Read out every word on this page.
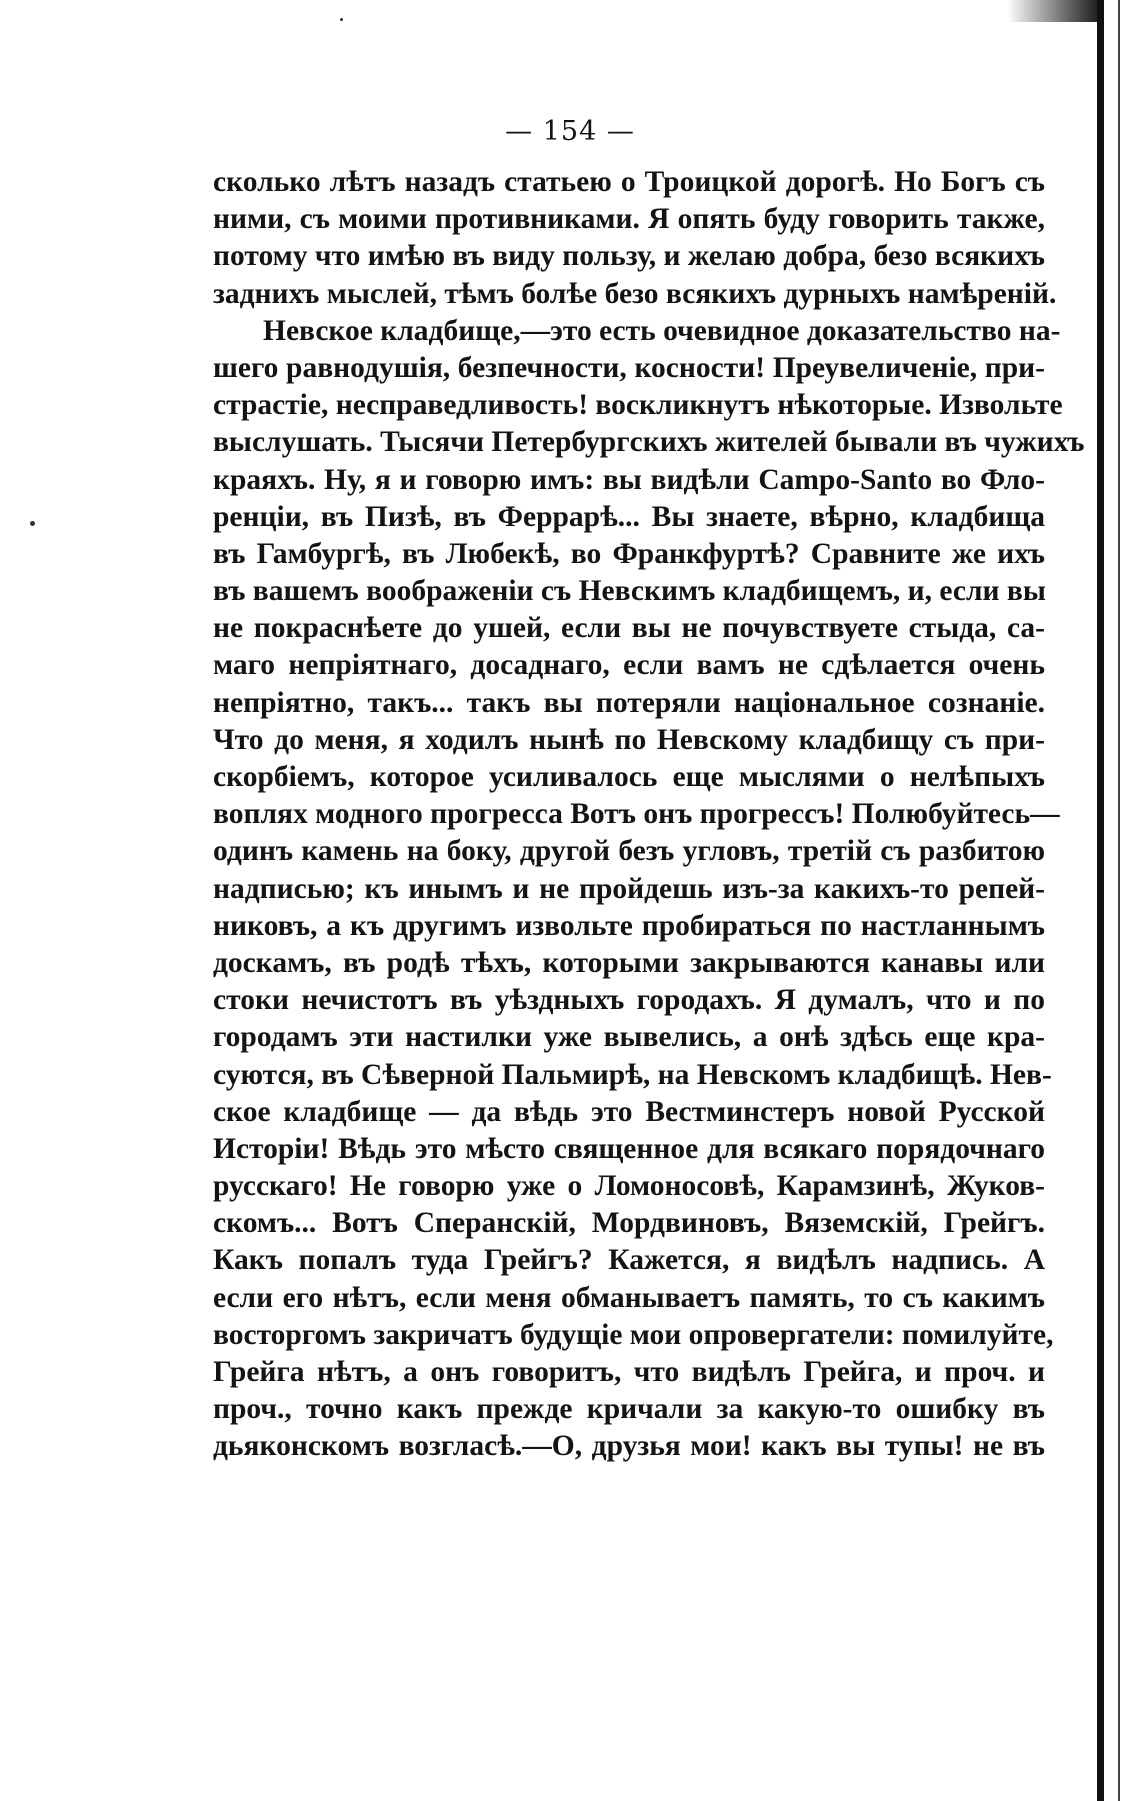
— 154 —
сколько лѣтъ назадъ статьею о Троицкой дорогѣ. Но Богъ съ
ними, съ моими противниками. Я опять буду говорить также,
потому что имѣю въ виду пользу, и желаю добра, безо всякихъ
заднихъ мыслей, тѣмъ болѣе безо всякихъ дурныхъ намѣреній.
Невское кладбище,—это есть очевидное доказательство на-
шего равнодушія, безпечности, косности! Преувеличеніе, при-
страстіе, несправедливость! воскликнутъ нѣкоторые. Извольте
выслушать. Тысячи Петербургскихъ жителей бывали въ чужихъ
краяхъ. Ну, я и говорю имъ: вы видѣли Campo-Santo во Фло-
ренціи, въ Пизѣ, въ Феррарѣ... Вы знаете, вѣрно, кладбища
въ Гамбургѣ, въ Любекѣ, во Франкфуртѣ? Сравните же ихъ
въ вашемъ воображеніи съ Невскимъ кладбищемъ, и, если вы
не покраснѣете до ушей, если вы не почувствуете стыда, са-
маго непріятнаго, досаднаго, если вамъ не сдѣлается очень
непріятно, такъ... такъ вы потеряли національное сознаніе.
Что до меня, я ходилъ нынѣ по Невскому кладбищу съ при-
скорбіемъ, которое усиливалось еще мыслями о нелѣпыхъ
воплях модного прогресса Вотъ онъ прогрессъ! Полюбуйтесь—
одинъ камень на боку, другой безъ угловъ, третій съ разбитою
надписью; къ инымъ и не пройдешь изъ-за какихъ-то репей-
никовъ, а къ другимъ извольте пробираться по настланнымъ
доскамъ, въ родѣ тѣхъ, которыми закрываются канавы или
стоки нечистотъ въ уѣздныхъ городахъ. Я думалъ, что и по
городамъ эти настилки уже вывелись, а онѣ здѣсь еще кра-
суются, въ Сѣверной Пальмирѣ, на Невскомъ кладбищѣ. Нев-
ское кладбище — да вѣдь это Вестминстеръ новой Русской
Исторіи! Вѣдь это мѣсто священное для всякаго порядочнаго
русскаго! Не говорю уже о Ломоносовѣ, Карамзинѣ, Жуков-
скомъ... Вотъ Сперанскій, Мордвиновъ, Вяземскій, Грейгъ.
Какъ попалъ туда Грейгъ? Кажется, я видѣлъ надпись. А
если его нѣтъ, если меня обманываетъ память, то съ какимъ
восторгомъ закричатъ будущіе мои опровергатели: помилуйте,
Грейга нѣтъ, а онъ говоритъ, что видѣлъ Грейга, и проч. и
проч., точно какъ прежде кричали за какую-то ошибку въ
дьяконскомъ возгласѣ.—О, друзья мои! какъ вы тупы! не въ
